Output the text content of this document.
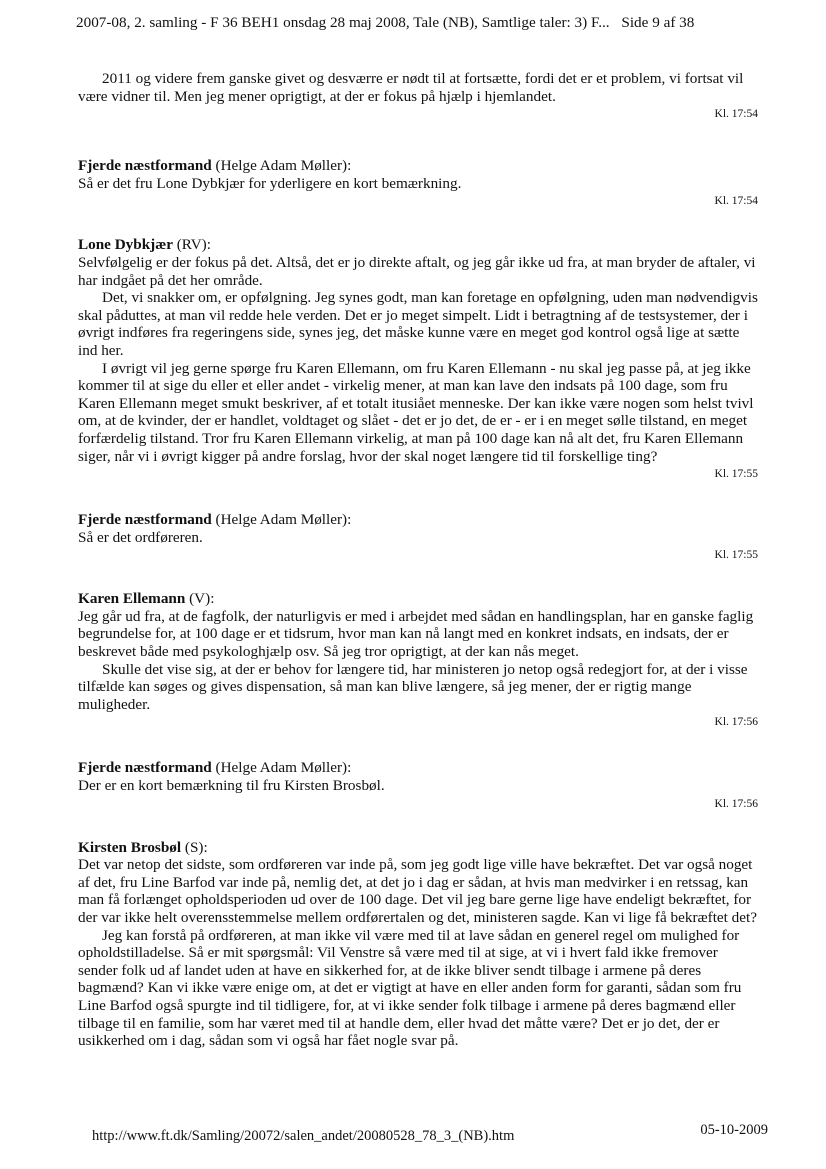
2007-08, 2. samling - F 36 BEH1 onsdag 28 maj 2008, Tale (NB), Samtlige taler: 3) F... Side 9 af 38

2011 og videre frem ganske givet og desværre er nødt til at fortsætte, fordi det er et problem, vi fortsat vil være vidner til. Men jeg mener oprigtigt, at der er fokus på hjælp i hjemlandet.

Kl. 17:54

Fjerde næstformand (Helge Adam Møller):

Så er det fru Lone Dybkjær for yderligere en kort bemærkning.

Kl. 17:54

Lone Dybkjær (RV):

Selvfølgelig er der fokus på det. Altså, det er jo direkte aftalt, og jeg går ikke ud fra, at man bryder de aftaler, vi har indgået på det her område.

Det, vi snakker om, er opfølgning. Jeg synes godt, man kan foretage en opfølgning, uden man nødvendigvis skal påduttes, at man vil redde hele verden. Det er jo meget simpelt. Lidt i betragtning af de testsystemer, der i øvrigt indføres fra regeringens side, synes jeg, det måske kunne være en meget god kontrol også lige at sætte ind her.

I øvrigt vil jeg gerne spørge fru Karen Ellemann, om fru Karen Ellemann - nu skal jeg passe på, at jeg ikke kommer til at sige du eller et eller andet - virkelig mener, at man kan lave den indsats på 100 dage, som fru Karen Ellemann meget smukt beskriver, af et totalt itusiået menneske. Der kan ikke være nogen som helst tvivl om, at de kvinder, der er handlet, voldtaget og slået - det er jo det, de er - er i en meget sølle tilstand, en meget forfærdelig tilstand. Tror fru Karen Ellemann virkelig, at man på 100 dage kan nå alt det, fru Karen Ellemann siger, når vi i øvrigt kigger på andre forslag, hvor der skal noget længere tid til forskellige ting?

Kl. 17:55

Fjerde næstformand (Helge Adam Møller):

Så er det ordføreren.

Kl. 17:55

Karen Ellemann (V):

Jeg går ud fra, at de fagfolk, der naturligvis er med i arbejdet med sådan en handlingsplan, har en ganske faglig begrundelse for, at 100 dage er et tidsrum, hvor man kan nå langt med en konkret indsats, en indsats, der er beskrevet både med psykologhjælp osv. Så jeg tror oprigtigt, at der kan nås meget.

Skulle det vise sig, at der er behov for længere tid, har ministeren jo netop også redegjort for, at der i visse tilfælde kan søges og gives dispensation, så man kan blive længere, så jeg mener, der er rigtig mange muligheder.

Kl. 17:56

Fjerde næstformand (Helge Adam Møller):

Der er en kort bemærkning til fru Kirsten Brosbøl.

Kl. 17:56

Kirsten Brosbøl (S):

Det var netop det sidste, som ordføreren var inde på, som jeg godt lige ville have bekræftet. Det var også noget af det, fru Line Barfod var inde på, nemlig det, at det jo i dag er sådan, at hvis man medvirker i en retssag, kan man få forlænget opholdsperioden ud over de 100 dage. Det vil jeg bare gerne lige have endeligt bekræftet, for der var ikke helt overensstemmelse mellem ordførertalen og det, ministeren sagde. Kan vi lige få bekræftet det?

Jeg kan forstå på ordføreren, at man ikke vil være med til at lave sådan en generel regel om mulighed for opholdstilladelse. Så er mit spørgsmål: Vil Venstre så være med til at sige, at vi i hvert fald ikke fremover sender folk ud af landet uden at have en sikkerhed for, at de ikke bliver sendt tilbage i armene på deres bagmænd? Kan vi ikke være enige om, at det er vigtigt at have en eller anden form for garanti, sådan som fru Line Barfod også spurgte ind til tidligere, for, at vi ikke sender folk tilbage i armene på deres bagmænd eller tilbage til en familie, som har været med til at handle dem, eller hvad det måtte være? Det er jo det, der er usikkerhed om i dag, sådan som vi også har fået nogle svar på.

http://www.ft.dk/Samling/20072/salen_andet/20080528_78_3_(NB).htm	05-10-2009
